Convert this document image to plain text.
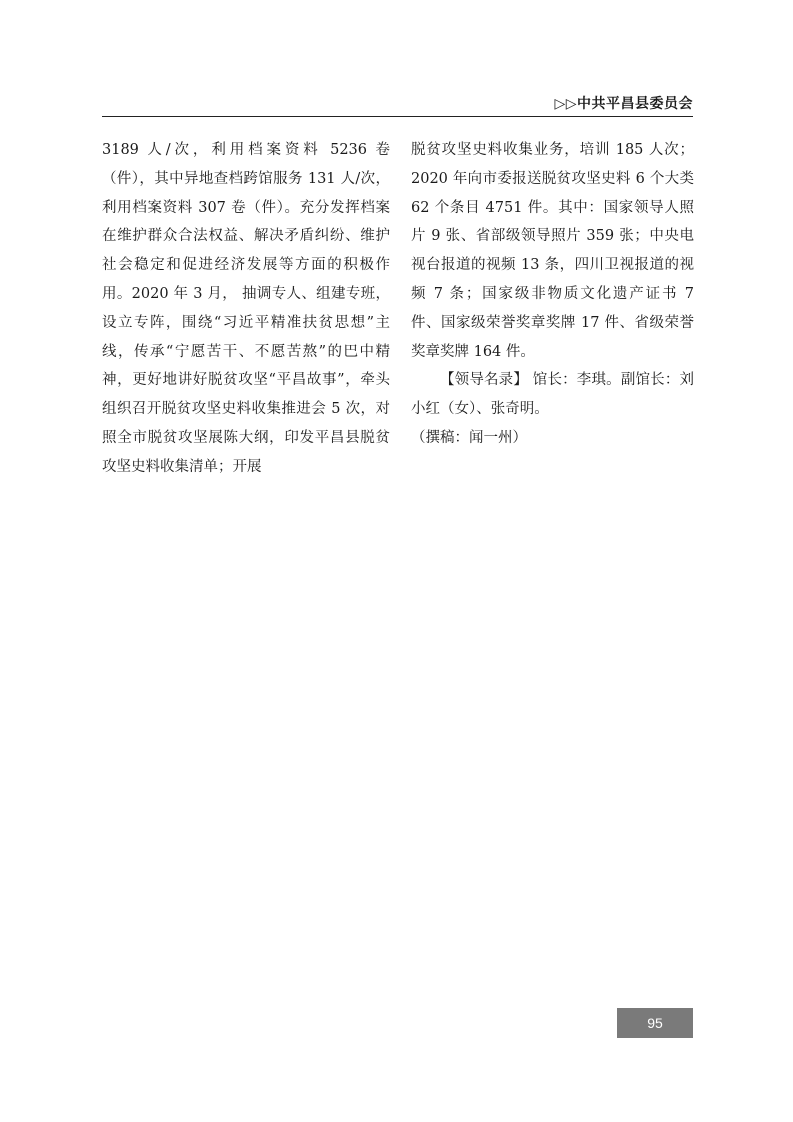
▷▷中共平昌县委员会

3189 人/次，利用档案资料 5236 卷（件），其中异地查档跨馆服务 131 人/次，利用档案资料 307 卷（件）。充分发挥档案在维护群众合法权益、解决矛盾纠纷、维护社会稳定和促进经济发展等方面的积极作用。2020 年 3 月， 抽调专人、组建专班，设立专阵，围绕“习近平精准扶贫思想”主线，传承“宁愿苦干、不愿苦熬”的巴中精神，更好地讲好脱贫攻坚“平昌故事”，牵头组织召开脱贫攻坚史料收集推进会 5 次，对照全市脱贫攻坚展陈大纲，印发平昌县脱贫攻坚史料收集清单；开展

脱贫攻坚史料收集业务，培训 185 人次；2020 年向市委报送脱贫攻坚史料 6 个大类 62 个条目 4751 件。其中：国家领导人照片 9 张、省部级领导照片 359 张；中央电视台报道的视频 13 条，四川卫视报道的视频 7 条；国家级非物质文化遗产证书 7 件、国家级荣誉奖章奖牌 17 件、省级荣誉奖章奖牌 164 件。

【领导名录】 馆长：李琪。副馆长：刘小红（女）、张奇明。

（撰稿：闻一州）

95
